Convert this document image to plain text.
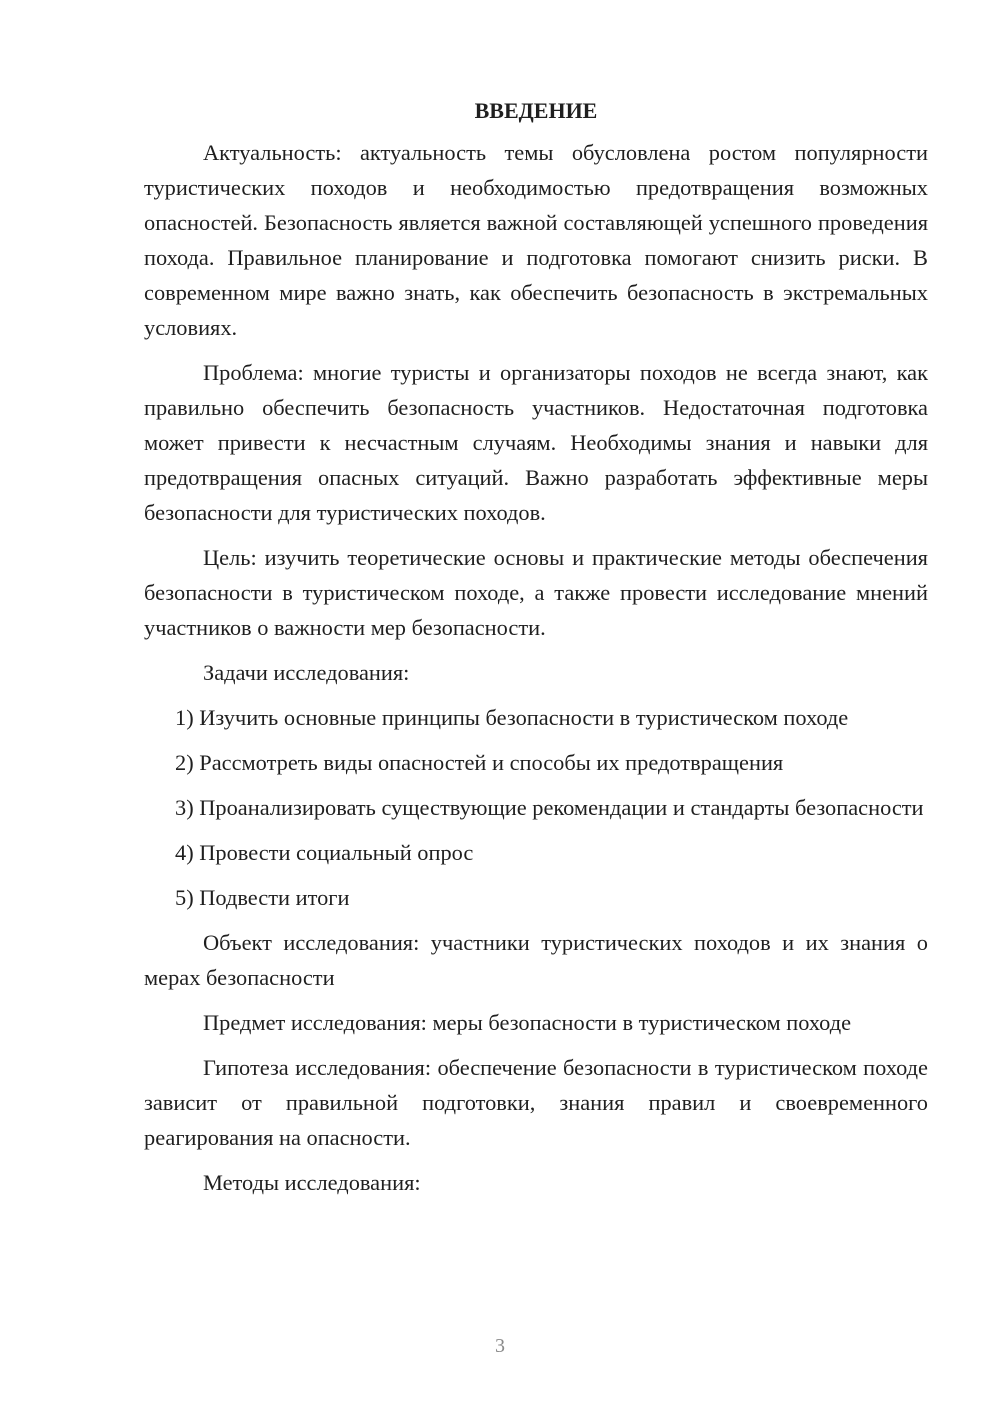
ВВЕДЕНИЕ

Актуальность: актуальность темы обусловлена ростом популярности туристических походов и необходимостью предотвращения возможных опасностей. Безопасность является важной составляющей успешного проведения похода. Правильное планирование и подготовка помогают снизить риски. В современном мире важно знать, как обеспечить безопасность в экстремальных условиях.

Проблема: многие туристы и организаторы походов не всегда знают, как правильно обеспечить безопасность участников. Недостаточная подготовка может привести к несчастным случаям. Необходимы знания и навыки для предотвращения опасных ситуаций. Важно разработать эффективные меры безопасности для туристических походов.

Цель: изучить теоретические основы и практические методы обеспечения безопасности в туристическом походе, а также провести исследование мнений участников о важности мер безопасности.

Задачи исследования:

1) Изучить основные принципы безопасности в туристическом походе

2) Рассмотреть виды опасностей и способы их предотвращения

3) Проанализировать существующие рекомендации и стандарты безопасности

4) Провести социальный опрос

5) Подвести итоги

Объект исследования: участники туристических походов и их знания о мерах безопасности

Предмет исследования: меры безопасности в туристическом походе

Гипотеза исследования: обеспечение безопасности в туристическом походе зависит от правильной подготовки, знания правил и своевременного реагирования на опасности.

Методы исследования:

3
